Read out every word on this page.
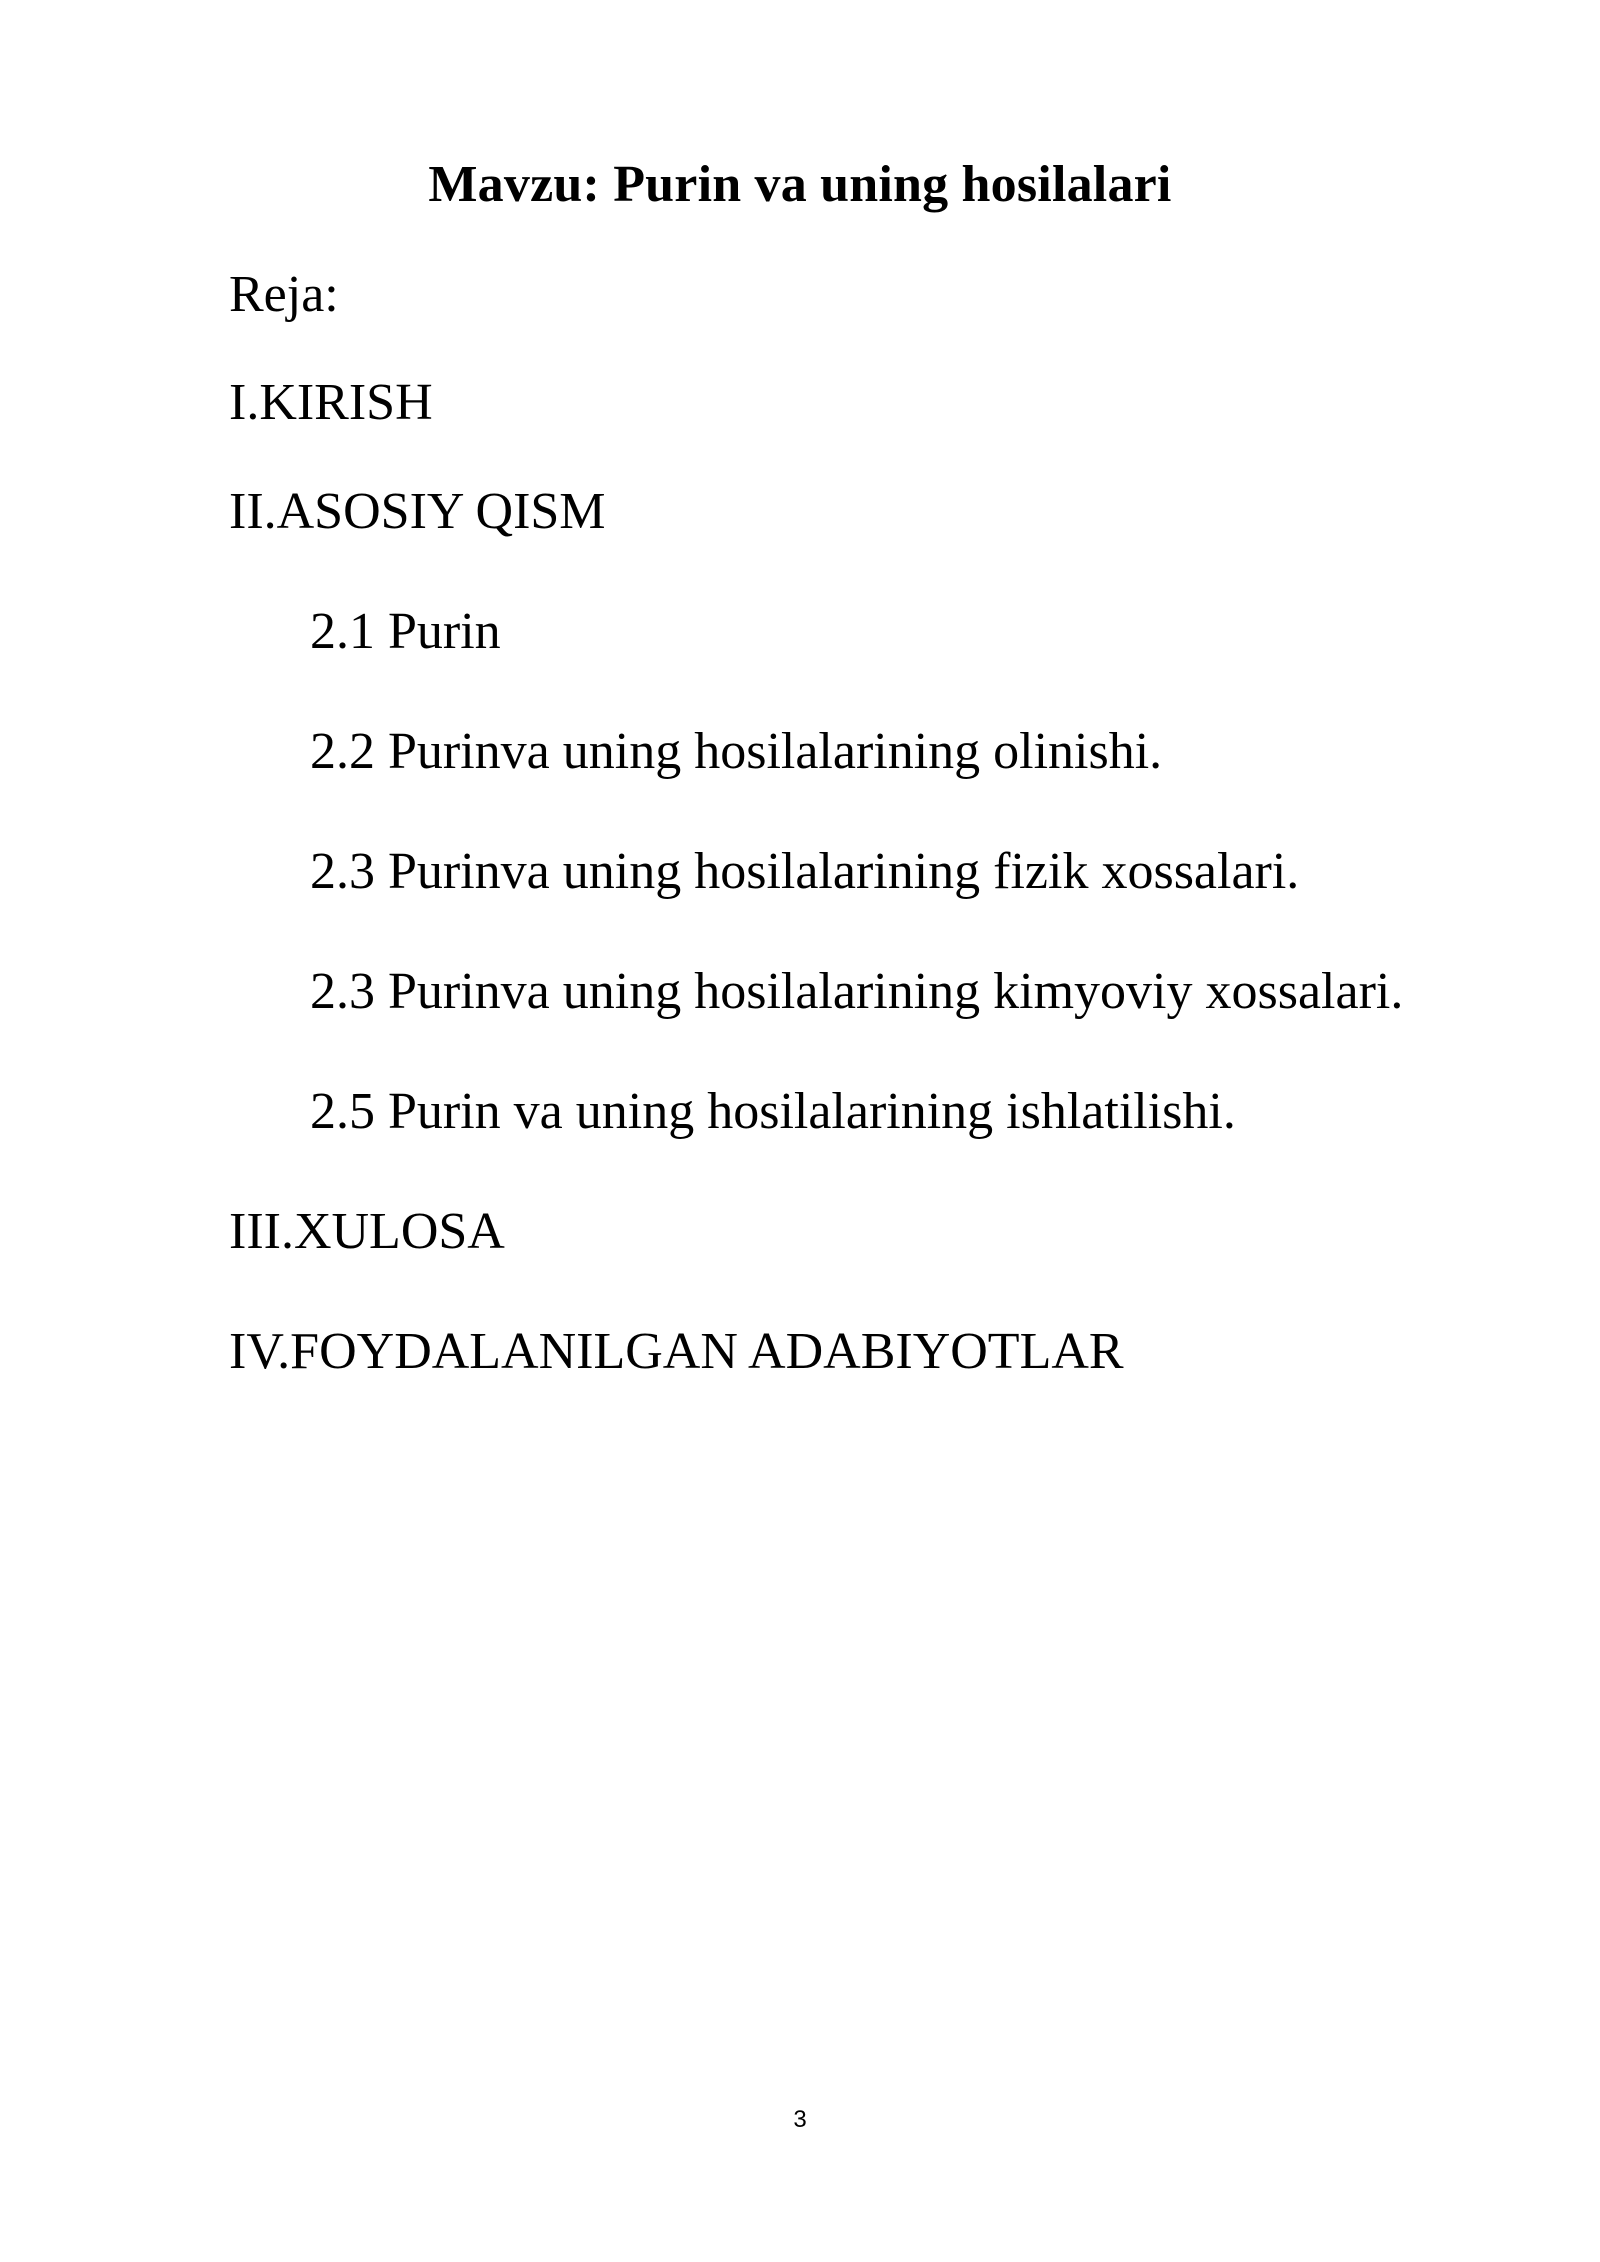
Mavzu: Purin va uning hosilalari

Reja:

I.KIRISH

II.ASOSIY QISM

2.1 Purin

2.2 Purinva uning hosilalarining olinishi.

2.3 Purinva uning hosilalarining fizik xossalari.

2.3 Purinva uning hosilalarining kimyoviy xossalari.

2.5 Purin va uning hosilalarining ishlatilishi.

III.XULOSA

IV.FOYDALANILGAN ADABIYOTLAR

3
